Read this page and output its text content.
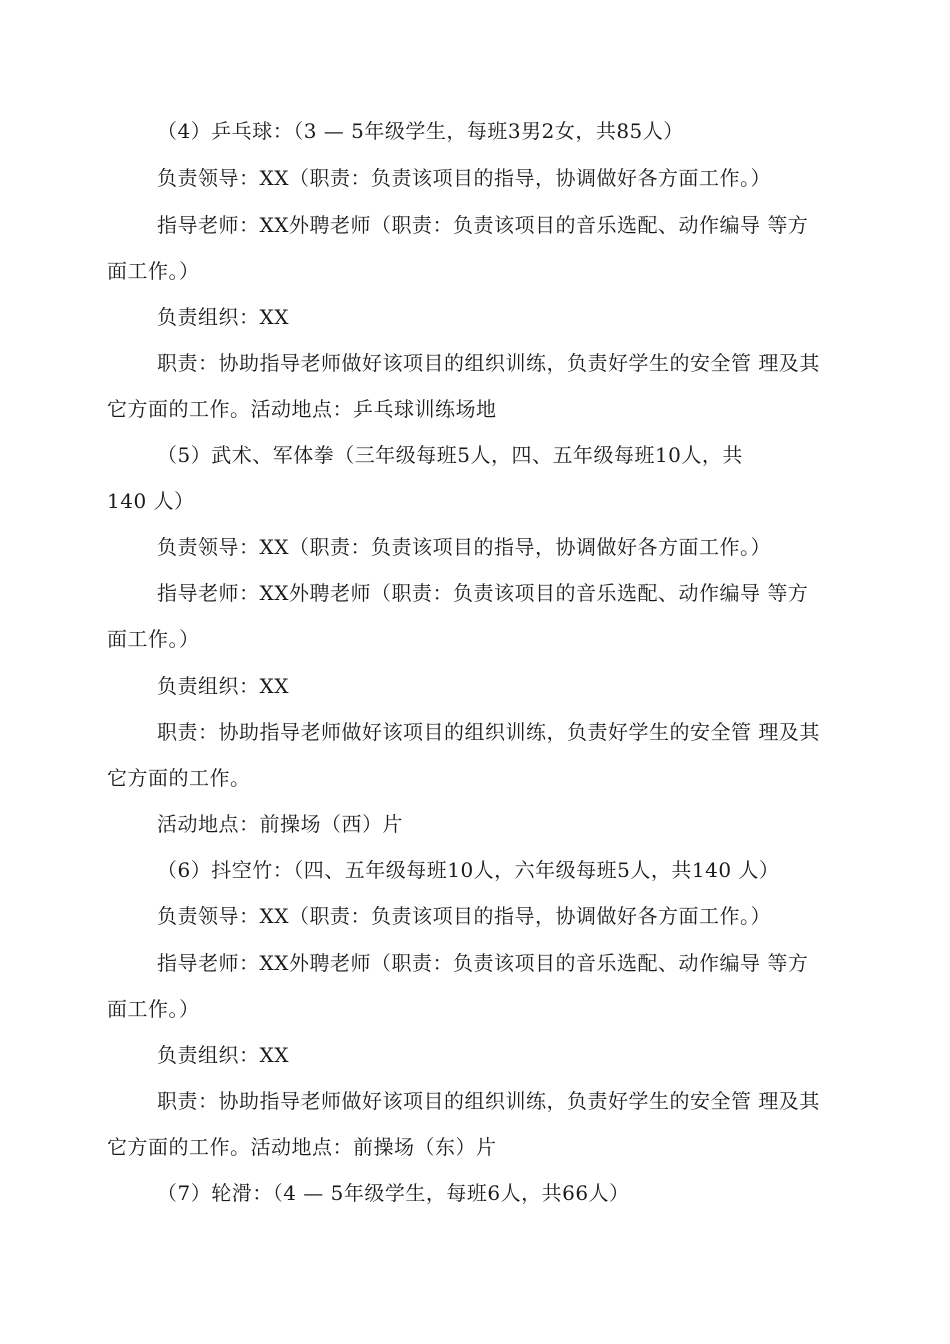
（4）乒乓球：（3 — 5年级学生，每班3男2女，共85人）
负责领导：XX（职责：负责该项目的指导，协调做好各方面工作。）
指导老师：XX外聘老师（职责：负责该项目的音乐选配、动作编导 等方
面工作。）
负责组织：XX
职责：协助指导老师做好该项目的组织训练，负责好学生的安全管 理及其
它方面的工作。活动地点：乒乓球训练场地
（5）武术、军体拳（三年级每班5人，四、五年级每班10人，共
140 人）
负责领导：XX（职责：负责该项目的指导，协调做好各方面工作。）
指导老师：XX外聘老师（职责：负责该项目的音乐选配、动作编导 等方
面工作。）
负责组织：XX
职责：协助指导老师做好该项目的组织训练，负责好学生的安全管 理及其
它方面的工作。
活动地点：前操场（西）片
（6）抖空竹：（四、五年级每班10人，六年级每班5人，共140 人）
负责领导：XX（职责：负责该项目的指导，协调做好各方面工作。）
指导老师：XX外聘老师（职责：负责该项目的音乐选配、动作编导 等方
面工作。）
负责组织：XX
职责：协助指导老师做好该项目的组织训练，负责好学生的安全管 理及其
它方面的工作。活动地点：前操场（东）片
（7）轮滑：（4 — 5年级学生，每班6人，共66人）
